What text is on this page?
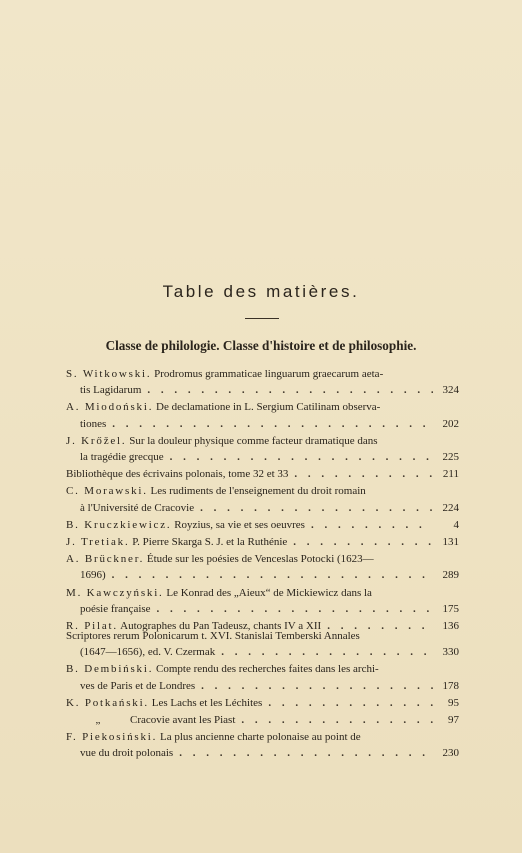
Table des matières.
Classe de philologie. Classe d'histoire et de philosophie.
S. Witkowski. Prodromus grammaticae linguarum graecarum aeta-
tis Lagidarum . . .	324
A. Miodoński. De declamatione in L. Sergium Catilinam observa-
tiones . . .	202
J. Krőžel. Sur la douleur physique comme facteur dramatique dans
la tragédie grecque . . .	225
Bibliothèque des écrivains polonais, tome 32 et 33 . . .	211
C. Morawski. Les rudiments de l'enseignement du droit romain
à l'Université de Cracovie . . .	224
B. Kruczkiewicz. Royzius, sa vie et ses oeuvres . . .	4
J. Tretiak. P. Pierre Skarga S. J. et la Ruthénie . . .	131
A. Brückner. Étude sur les poésies de Venceslas Potocki (1623—
1696) . . .	289
M. Kawczyński. Le Konrad des „Aieux“ de Mickiewicz dans la
poésie française . . .	175
R. Pilat. Autographes du Pan Tadeusz, chants IV a XII . . .	136
Scriptores rerum Polonicarum t. XVI. Stanislai Temberski Annales
(1647—1656), ed. V. Czermak . . .	330
B. Dembiński. Compte rendu des recherches faites dans les archi-
ves de Paris et de Londres . . .	178
K. Potkański. Les Lachs et les Léchites . . .	95
„	Cracovie avant les Piast . . .	97
F. Piekosiński. La plus ancienne charte polonaise au point de
vue du droit polonais . . .	230
